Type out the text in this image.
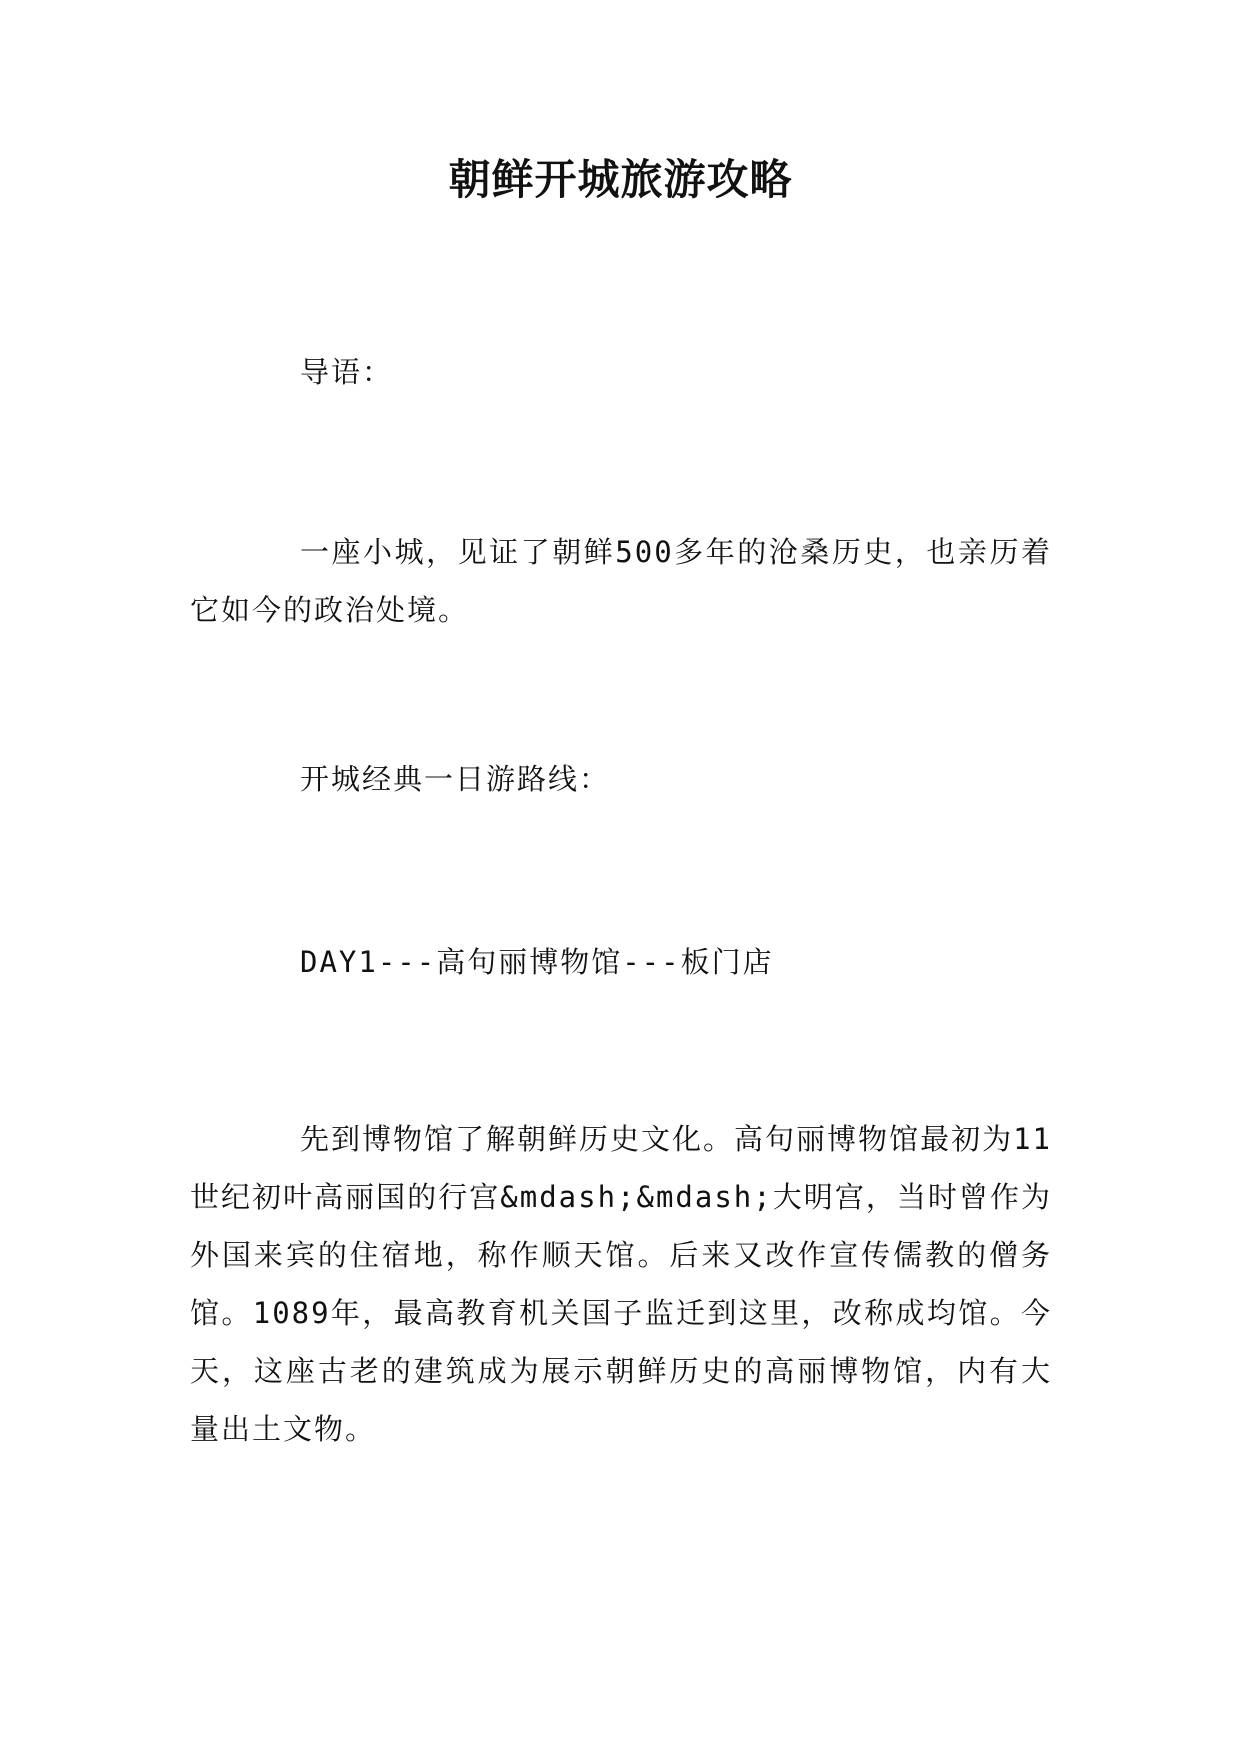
朝鲜开城旅游攻略

导语：

一座小城，见证了朝鲜500多年的沧桑历史，也亲历着它如今的政治处境。

开城经典一日游路线：

DAY1---高句丽博物馆---板门店

先到博物馆了解朝鲜历史文化。高句丽博物馆最初为11世纪初叶高丽国的行宫&mdash;&mdash;大明宫，当时曾作为外国来宾的住宿地，称作顺天馆。后来又改作宣传儒教的僧务馆。1089年，最高教育机关国子监迁到这里，改称成均馆。今天，这座古老的建筑成为展示朝鲜历史的高丽博物馆，内有大量出土文物。
